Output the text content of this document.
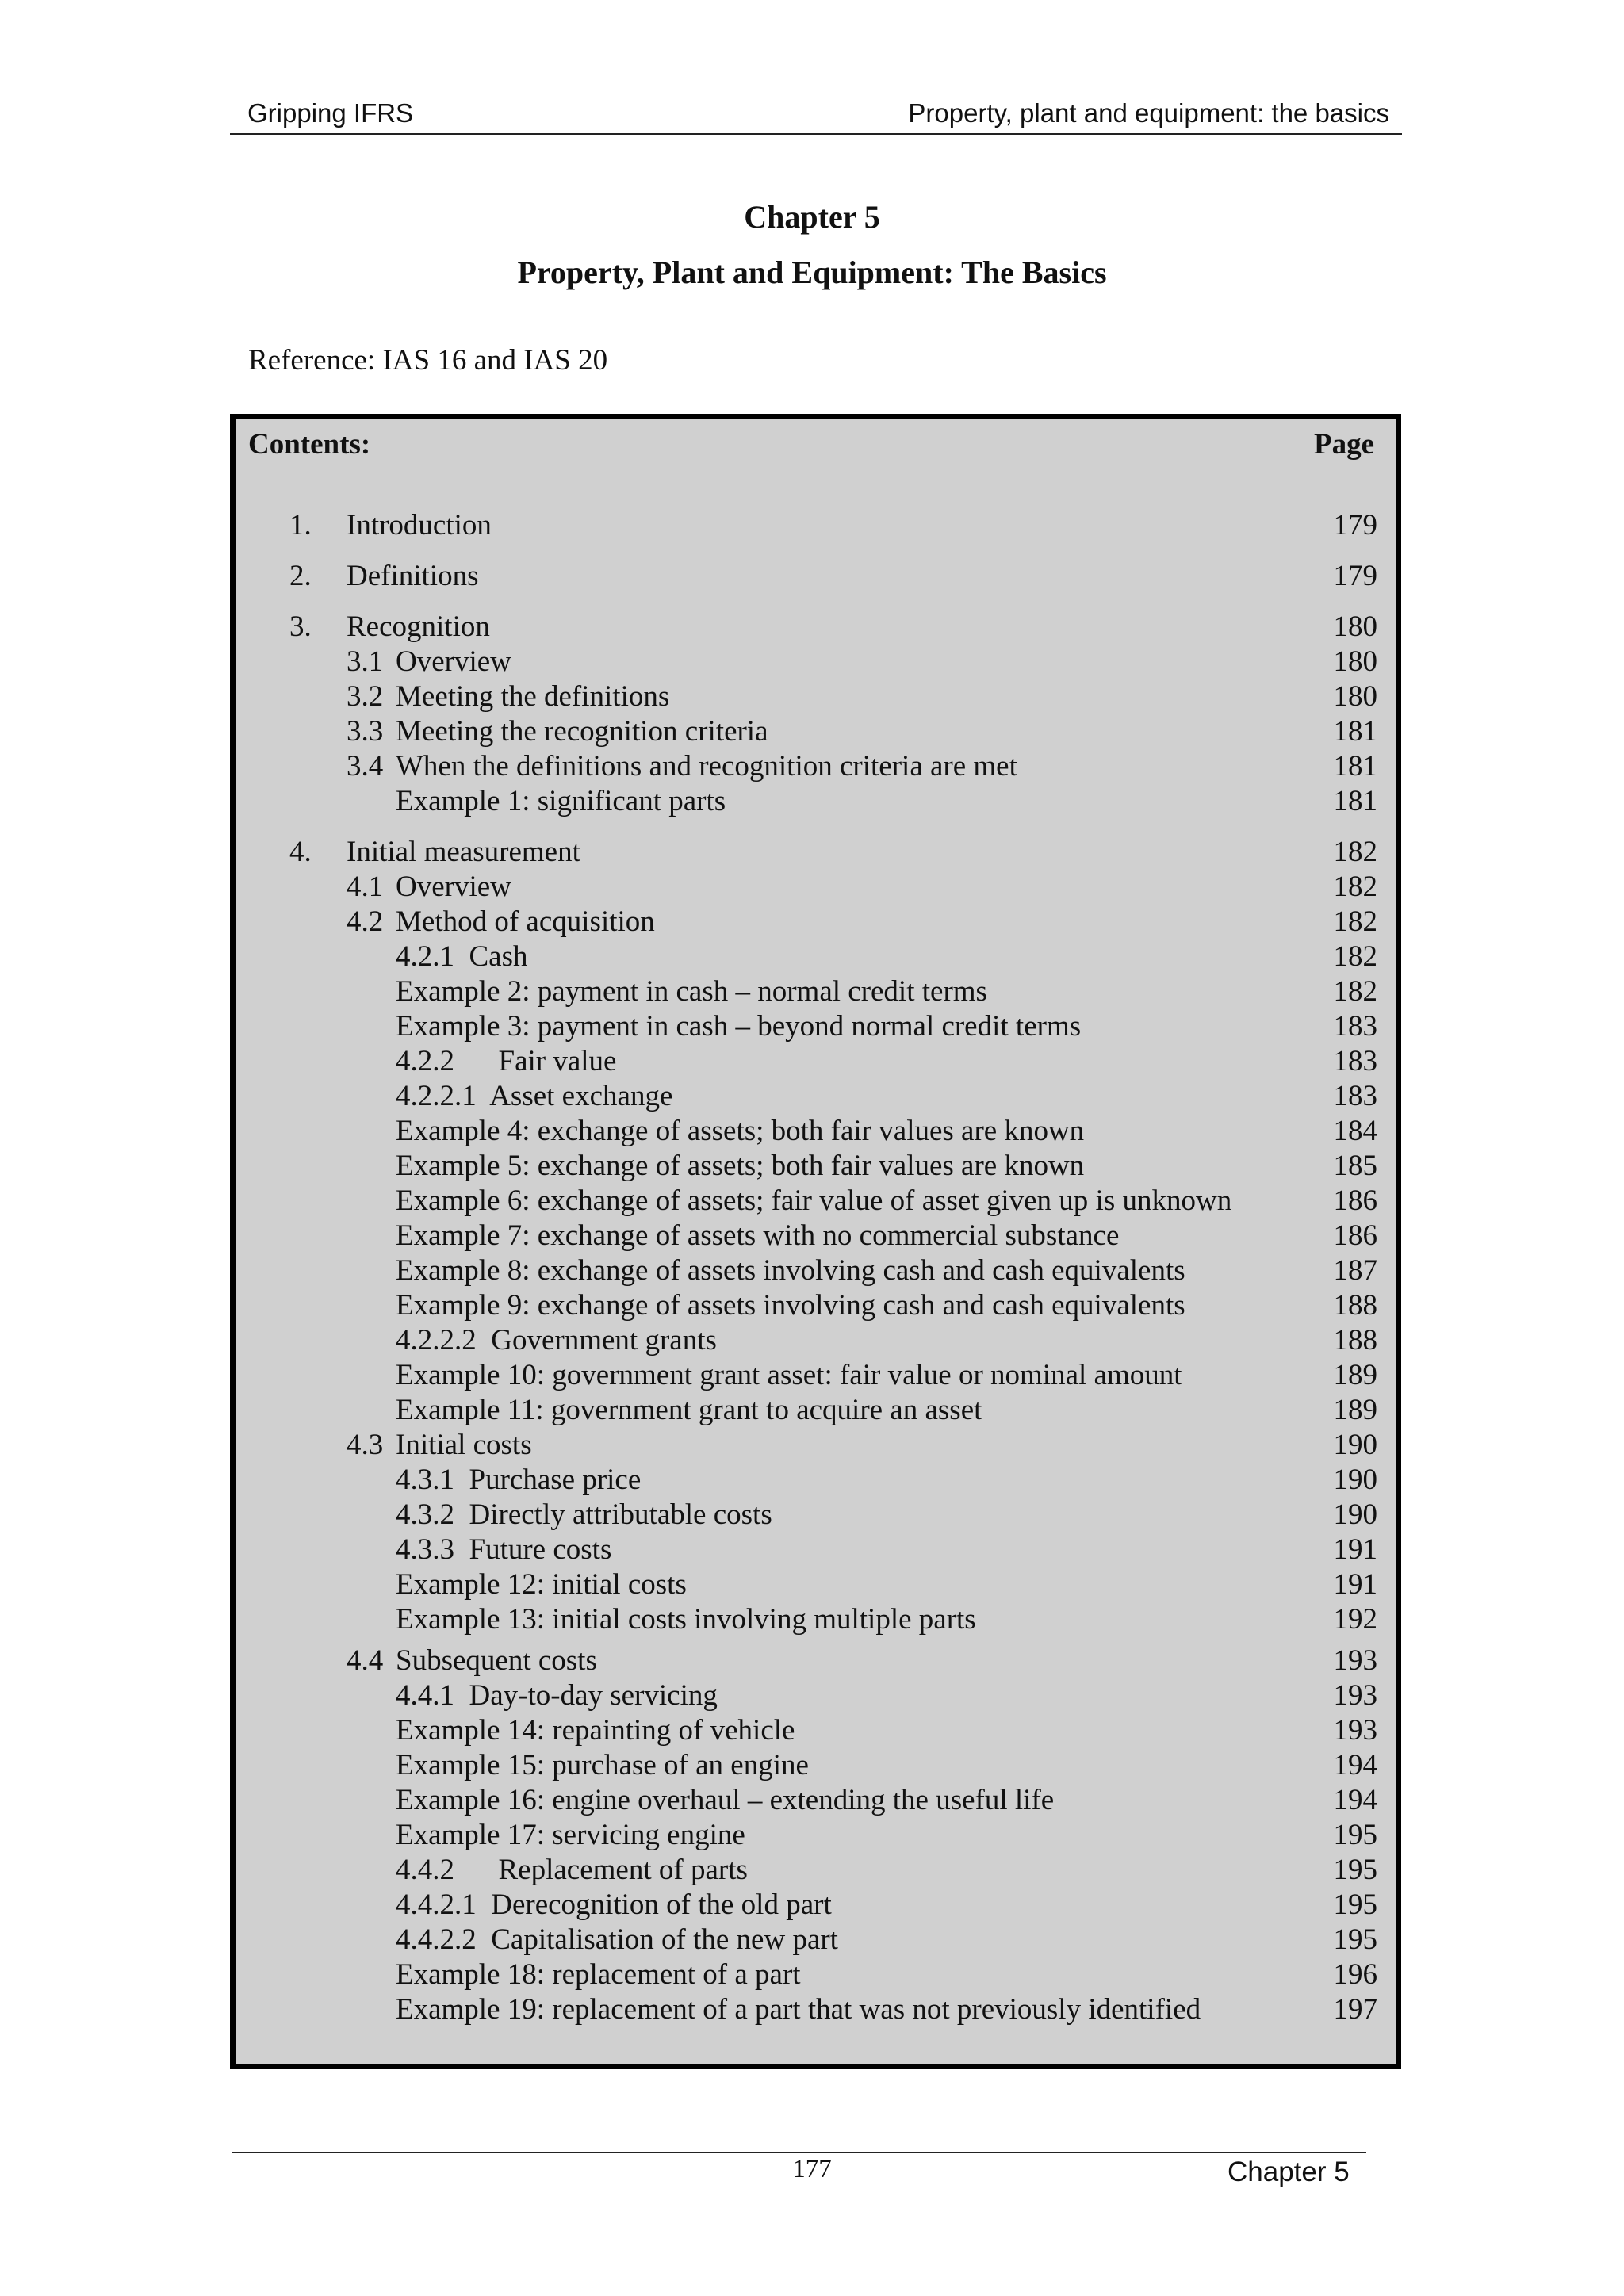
Gripping IFRS	Property, plant and equipment: the basics
Chapter 5
Property, Plant and Equipment: The Basics
Reference: IAS 16 and IAS 20
Contents:	Page
1. Introduction	179
2. Definitions	179
3. Recognition	180
3.1 Overview	180
3.2 Meeting the definitions	180
3.3 Meeting the recognition criteria	181
3.4 When the definitions and recognition criteria are met	181
Example 1: significant parts	181
4. Initial measurement	182
4.1 Overview	182
4.2 Method of acquisition	182
4.2.1  Cash	182
Example 2: payment in cash – normal credit terms	182
Example 3: payment in cash – beyond normal credit terms	183
4.2.2      Fair value	183
4.2.2.1  Asset exchange	183
Example 4: exchange of assets; both fair values are known	184
Example 5: exchange of assets; both fair values are known	185
Example 6: exchange of assets; fair value of asset given up is unknown	186
Example 7: exchange of assets with no commercial substance	186
Example 8: exchange of assets involving cash and cash equivalents	187
Example 9: exchange of assets involving cash and cash equivalents	188
4.2.2.2  Government grants	188
Example 10: government grant asset: fair value or nominal amount	189
Example 11: government grant to acquire an asset	189
4.3 Initial costs	190
4.3.1  Purchase price	190
4.3.2  Directly attributable costs	190
4.3.3  Future costs	191
Example 12: initial costs	191
Example 13: initial costs involving multiple parts	192
4.4 Subsequent costs	193
4.4.1  Day-to-day servicing	193
Example 14: repainting of vehicle	193
Example 15: purchase of an engine	194
Example 16: engine overhaul – extending the useful life	194
Example 17: servicing engine	195
4.4.2      Replacement of parts	195
4.4.2.1  Derecognition of the old part	195
4.4.2.2  Capitalisation of the new part	195
Example 18: replacement of a part	196
Example 19: replacement of a part that was not previously identified	197
177	Chapter 5
